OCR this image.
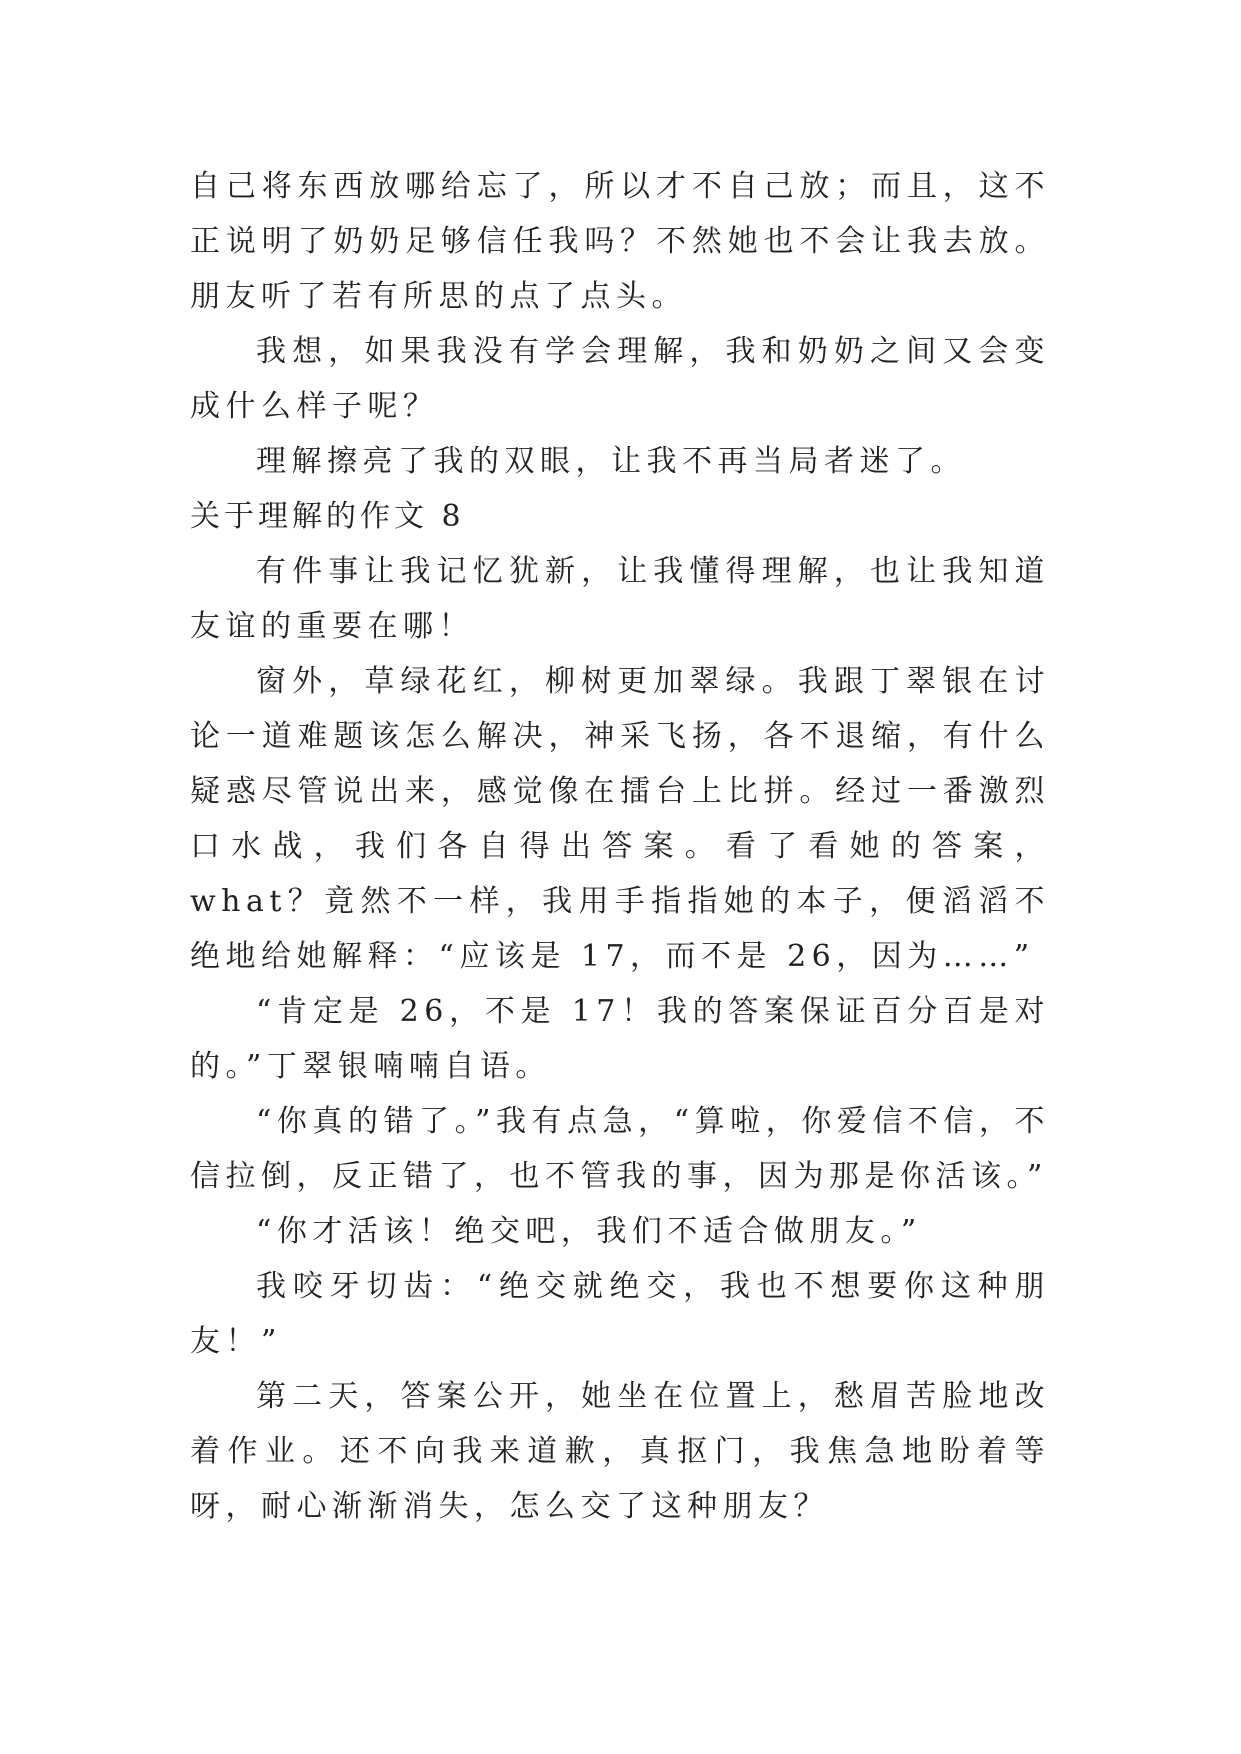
自己将东西放哪给忘了，所以才不自己放；而且，这不正说明了奶奶足够信任我吗？不然她也不会让我去放。朋友听了若有所思的点了点头。

我想，如果我没有学会理解，我和奶奶之间又会变成什么样子呢？

理解擦亮了我的双眼，让我不再当局者迷了。

关于理解的作文 8

有件事让我记忆犹新，让我懂得理解，也让我知道友谊的重要在哪！

窗外，草绿花红，柳树更加翠绿。我跟丁翠银在讨论一道难题该怎么解决，神采飞扬，各不退缩，有什么疑惑尽管说出来，感觉像在擂台上比拼。经过一番激烈口水战，我们各自得出答案。看了看她的答案，what？竟然不一样，我用手指指她的本子，便滔滔不绝地给她解释：“应该是 17，而不是 26，因为……”

“肯定是 26，不是 17！我的答案保证百分百是对的。”丁翠银喃喃自语。

“你真的错了。”我有点急，“算啦，你爱信不信，不信拉倒，反正错了，也不管我的事，因为那是你活该。”

“你才活该！绝交吧，我们不适合做朋友。”

我咬牙切齿：“绝交就绝交，我也不想要你这种朋友！”

第二天，答案公开，她坐在位置上，愁眉苦脸地改着作业。还不向我来道歉，真抠门，我焦急地盼着等呀，耐心渐渐消失，怎么交了这种朋友？
